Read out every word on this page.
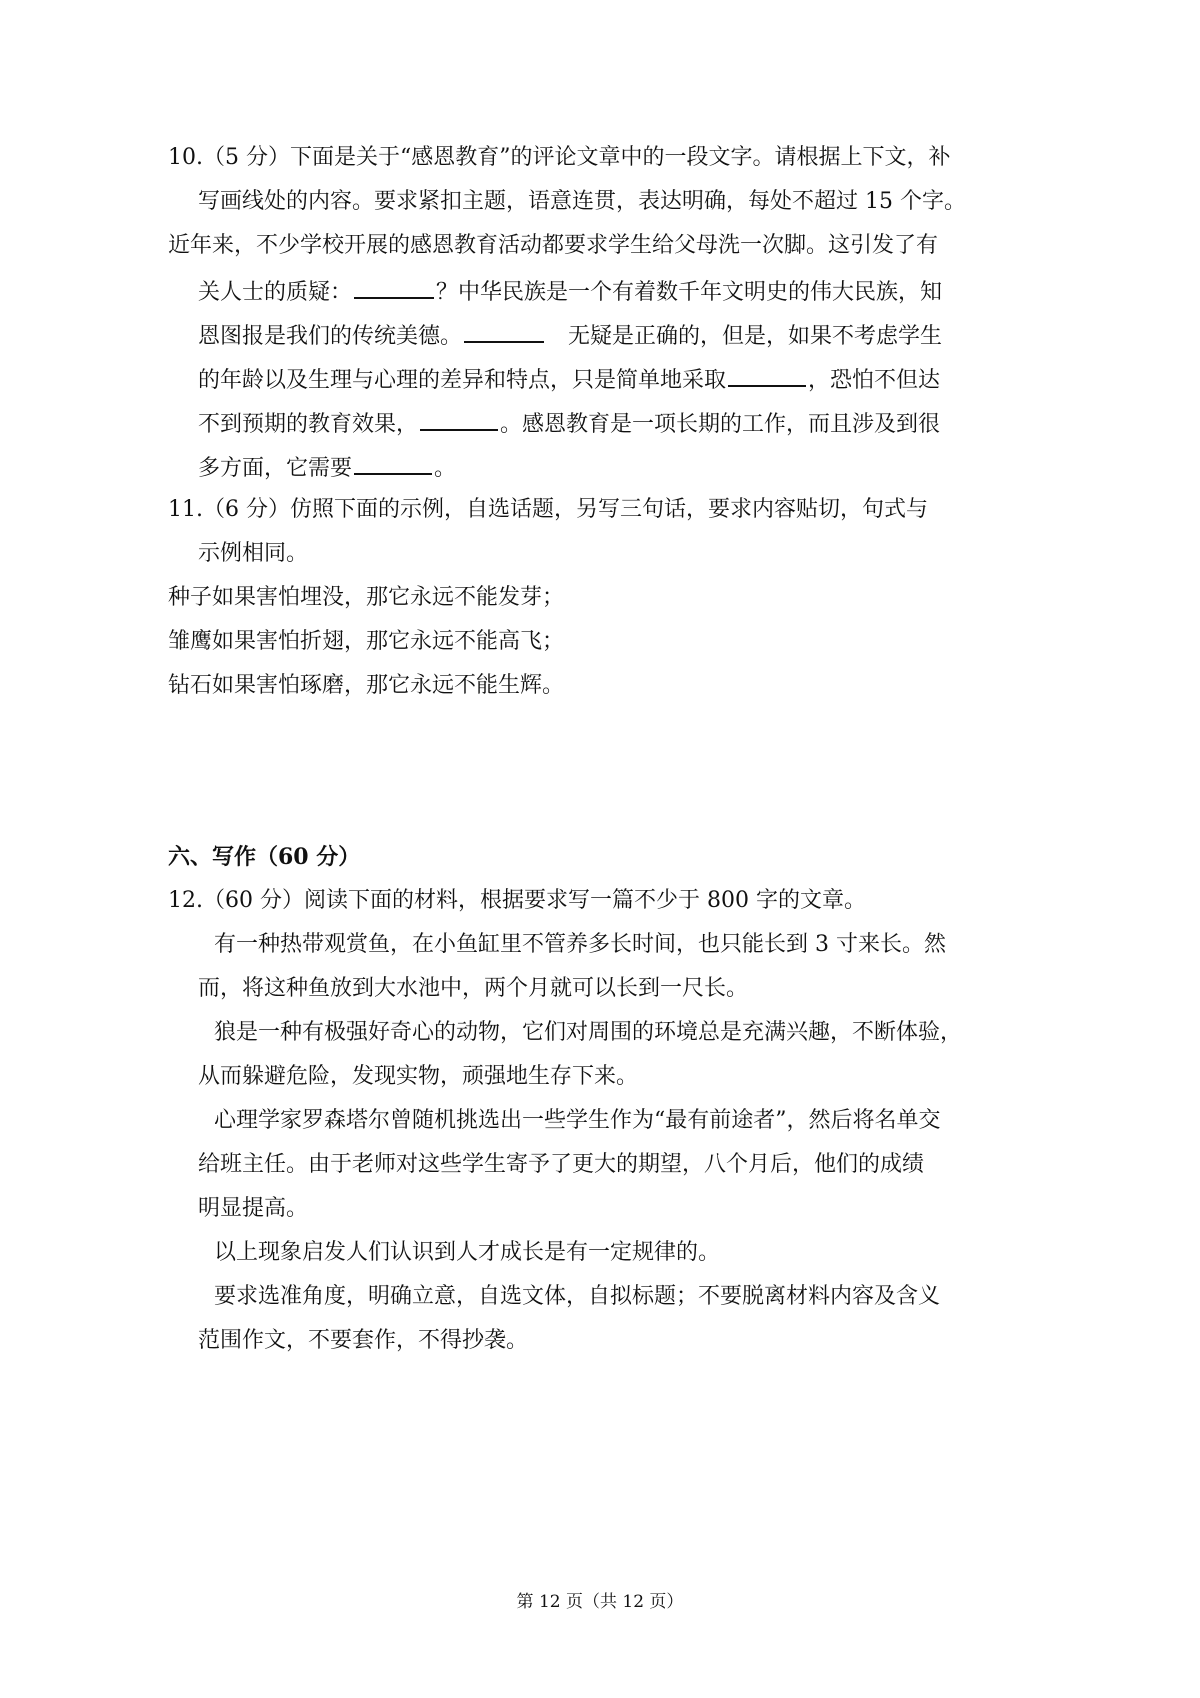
10.（5 分）下面是关于“感恩教育”的评论文章中的一段文字。请根据上下文，补
写画线处的内容。要求紧扣主题，语意连贯，表达明确，每处不超过 15 个字。
近年来，不少学校开展的感恩教育活动都要求学生给父母洗一次脚。这引发了有
关人士的质疑：	？中华民族是一个有着数千年文明史的伟大民族，知
恩图报是我们的传统美德。	无疑是正确的，但是，如果不考虑学生
的年龄以及生理与心理的差异和特点，只是简单地采取	，恐怕不但达
不到预期的教育效果，	。感恩教育是一项长期的工作，而且涉及到很
多方面，它需要	。
11.（6 分）仿照下面的示例，自选话题，另写三句话，要求内容贴切，句式与
示例相同。
种子如果害怕埋没，那它永远不能发芽；
雏鹰如果害怕折翅，那它永远不能高飞；
钻石如果害怕琢磨，那它永远不能生辉。
六、写作（60 分）
12.（60 分）阅读下面的材料，根据要求写一篇不少于 800 字的文章。
有一种热带观赏鱼，在小鱼缸里不管养多长时间，也只能长到 3 寸来长。然
而，将这种鱼放到大水池中，两个月就可以长到一尺长。
狼是一种有极强好奇心的动物，它们对周围的环境总是充满兴趣，不断体验，
从而躲避危险，发现实物，顽强地生存下来。
心理学家罗森塔尔曾随机挑选出一些学生作为“最有前途者”，然后将名单交
给班主任。由于老师对这些学生寄予了更大的期望，八个月后，他们的成绩
明显提高。
以上现象启发人们认识到人才成长是有一定规律的。
要求选准角度，明确立意，自选文体，自拟标题；不要脱离材料内容及含义
范围作文，不要套作，不得抄袭。
第 12 页（共 12 页）
